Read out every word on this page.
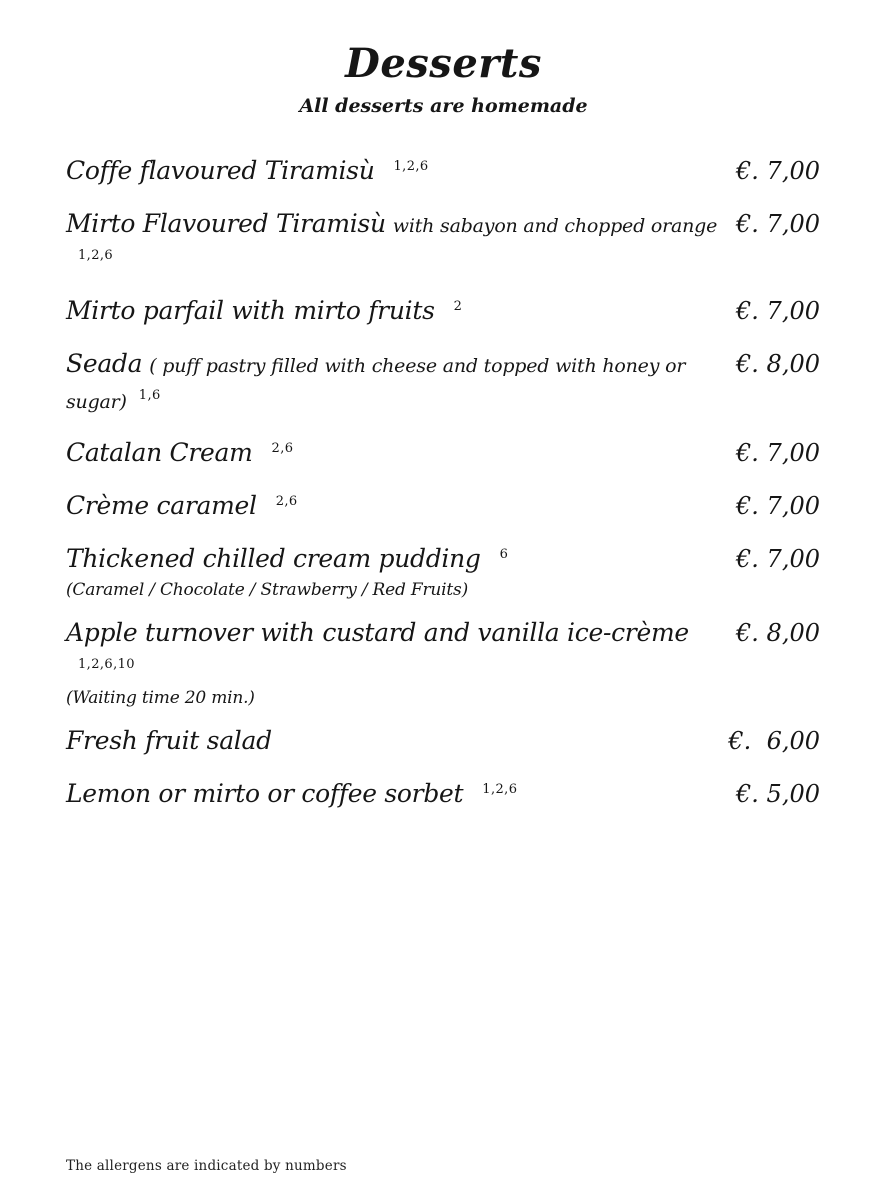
Desserts
All desserts are homemade
Coffe flavoured Tiramisù 1,2,6	€. 7,00
Mirto Flavoured Tiramisù with sabayon and chopped orange1,2,6
€. 7,00
Mirto parfail with mirto fruits 2	€. 7,00
Seada ( puff pastry filled with cheese and topped with honey or sugar) 1,6
€. 8,00
Catalan Cream 2,6	€. 7,00
Crème caramel 2,6	€. 7,00
Thickened chilled cream pudding 6	€. 7,00
(Caramel / Chocolate / Strawberry / Red Fruits)
Apple turnover with custard and vanilla ice-crème1,2,6,10
€. 8,00
(Waiting time 20 min.)
Fresh fruit salad	€.  6,00
Lemon or mirto or coffee sorbet 1,2,6	€. 5,00
The allergens are indicated by numbers
